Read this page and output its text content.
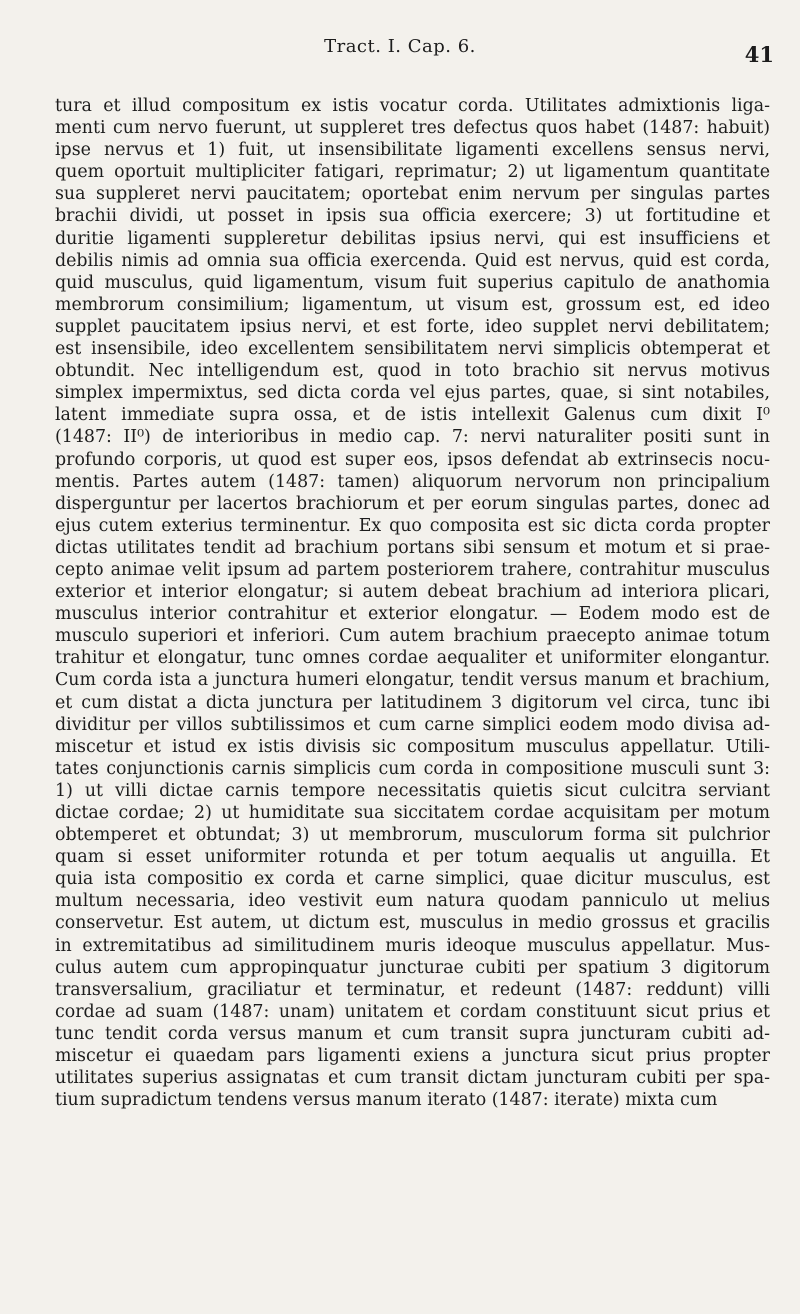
Tract. I. Cap. 6.	41
tura et illud compositum ex istis vocatur corda. Utilitates admixtionis liga-
menti cum nervo fuerunt, ut suppleret tres defectus quos habet (1487: habuit)
ipse nervus et 1) fuit, ut insensibilitate ligamenti excellens sensus nervi,
quem oportuit multipliciter fatigari, reprimatur; 2) ut ligamentum quantitate
sua suppleret nervi paucitatem; oportebat enim nervum per singulas partes
brachii dividi, ut posset in ipsis sua officia exercere; 3) ut fortitudine et
duritie ligamenti suppleretur debilitas ipsius nervi, qui est insufficiens et
debilis nimis ad omnia sua officia exercenda. Quid est nervus, quid est corda,
quid musculus, quid ligamentum, visum fuit superius capitulo de anathomia
membrorum consimilium; ligamentum, ut visum est, grossum est, ed ideo
supplet paucitatem ipsius nervi, et est forte, ideo supplet nervi debilitatem;
est insensibile, ideo excellentem sensibilitatem nervi simplicis obtemperat et
obtundit. Nec intelligendum est, quod in toto brachio sit nervus motivus
simplex impermixtus, sed dicta corda vel ejus partes, quae, si sint notabiles,
latent immediate supra ossa, et de istis intellexit Galenus cum dixit I⁰
(1487: II⁰) de interioribus in medio cap. 7: nervi naturaliter positi sunt in
profundo corporis, ut quod est super eos, ipsos defendat ab extrinsecis nocu-
mentis. Partes autem (1487: tamen) aliquorum nervorum non principalium
disperguntur per lacertos brachiorum et per eorum singulas partes, donec ad
ejus cutem exterius terminentur. Ex quo composita est sic dicta corda propter
dictas utilitates tendit ad brachium portans sibi sensum et motum et si prae-
cepto animae velit ipsum ad partem posteriorem trahere, contrahitur musculus
exterior et interior elongatur; si autem debeat brachium ad interiora plicari,
musculus interior contrahitur et exterior elongatur. — Eodem modo est de
musculo superiori et inferiori. Cum autem brachium praecepto animae totum
trahitur et elongatur, tunc omnes cordae aequaliter et uniformiter elongantur.
Cum corda ista a junctura humeri elongatur, tendit versus manum et brachium,
et cum distat a dicta junctura per latitudinem 3 digitorum vel circa, tunc ibi
dividitur per villos subtilissimos et cum carne simplici eodem modo divisa ad-
miscetur et istud ex istis divisis sic compositum musculus appellatur. Utili-
tates conjunctionis carnis simplicis cum corda in compositione musculi sunt 3:
1) ut villi dictae carnis tempore necessitatis quietis sicut culcitra serviant
dictae cordae; 2) ut humiditate sua siccitatem cordae acquisitam per motum
obtemperet et obtundat; 3) ut membrorum, musculorum forma sit pulchrior
quam si esset uniformiter rotunda et per totum aequalis ut anguilla. Et
quia ista compositio ex corda et carne simplici, quae dicitur musculus, est
multum necessaria, ideo vestivit eum natura quodam panniculo ut melius
conservetur. Est autem, ut dictum est, musculus in medio grossus et gracilis
in extremitatibus ad similitudinem muris ideoque musculus appellatur. Mus-
culus autem cum appropinquatur juncturae cubiti per spatium 3 digitorum
transversalium, graciliatur et terminatur, et redeunt (1487: reddunt) villi
cordae ad suam (1487: unam) unitatem et cordam constituunt sicut prius et
tunc tendit corda versus manum et cum transit supra juncturam cubiti ad-
miscetur ei quaedam pars ligamenti exiens a junctura sicut prius propter
utilitates superius assignatas et cum transit dictam juncturam cubiti per spa-
tium supradictum tendens versus manum iterato (1487: iterate) mixta cum
